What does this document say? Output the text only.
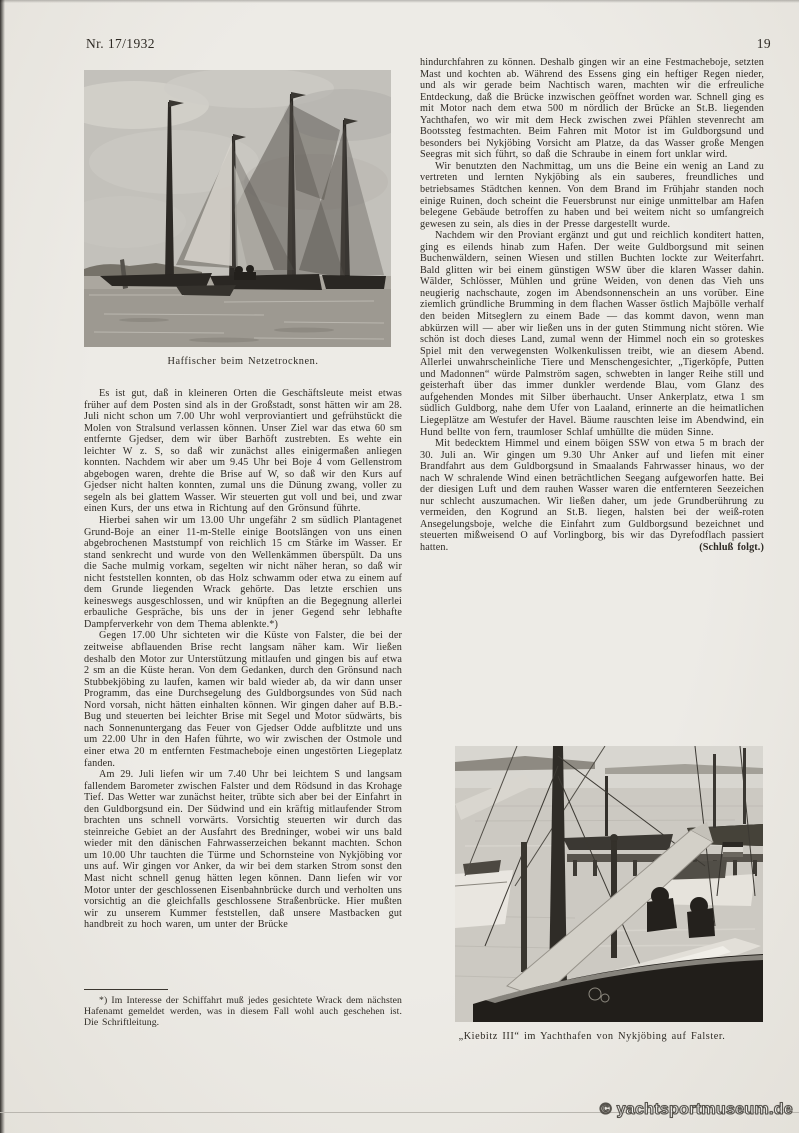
Nr. 17/1932	19
Haffischer beim Netzetrocknen.

Es ist gut, daß in kleineren Orten die Geschäftsleute meist etwas früher auf dem Posten sind als in der Großstadt, sonst hätten wir am 28. Juli nicht schon um 7.00 Uhr wohl verproviantiert und gefrühstückt die Molen von Stralsund verlassen können. Unser Ziel war das etwa 60 sm entfernte Gjedser, dem wir über Barhöft zustrebten. Es wehte ein leichter W z. S, so daß wir zunächst alles einigermaßen anliegen konnten. Nachdem wir aber um 9.45 Uhr bei Boje 4 vom Gellenstrom abgebogen waren, drehte die Brise auf W, so daß wir den Kurs auf Gjedser nicht halten konnten, zumal uns die Dünung zwang, voller zu segeln als bei glattem Wasser. Wir steuerten gut voll und bei, und zwar einen Kurs, der uns etwa in Richtung auf den Grönsund führte.

Hierbei sahen wir um 13.00 Uhr ungefähr 2 sm südlich Plantagenet Grund-Boje an einer 11-m-Stelle einige Bootslängen von uns einen abgebrochenen Maststumpf von reichlich 15 cm Stärke im Wasser. Er stand senkrecht und wurde von den Wellenkämmen überspült. Da uns die Sache mulmig vorkam, segelten wir nicht näher heran, so daß wir nicht feststellen konnten, ob das Holz schwamm oder etwa zu einem auf dem Grunde liegenden Wrack gehörte. Das letzte erschien uns keineswegs ausgeschlossen, und wir knüpften an die Begegnung allerlei erbauliche Gespräche, bis uns der in jener Gegend sehr lebhafte Dampferverkehr von dem Thema ablenkte.*)

Gegen 17.00 Uhr sichteten wir die Küste von Falster, die bei der zeitweise abflauenden Brise recht langsam näher kam. Wir ließen deshalb den Motor zur Unterstützung mitlaufen und gingen bis auf etwa 2 sm an die Küste heran. Von dem Gedanken, durch den Grönsund nach Stubbekjöbing zu laufen, kamen wir bald wieder ab, da wir dann unser Programm, das eine Durchsegelung des Guldborgsundes von Süd nach Nord vorsah, nicht hätten einhalten können. Wir gingen daher auf B.B.-Bug und steuerten bei leichter Brise mit Segel und Motor südwärts, bis nach Sonnenuntergang das Feuer von Gjedser Odde aufblitzte und uns um 22.00 Uhr in den Hafen führte, wo wir zwischen der Ostmole und einer etwa 20 m entfernten Festmacheboje einen ungestörten Liegeplatz fanden.

Am 29. Juli liefen wir um 7.40 Uhr bei leichtem S und langsam fallendem Barometer zwischen Falster und dem Rödsund in das Krohage Tief. Das Wetter war zunächst heiter, trübte sich aber bei der Einfahrt in den Guldborgsund ein. Der Südwind und ein kräftig mitlaufender Strom brachten uns schnell vorwärts. Vorsichtig steuerten wir durch das steinreiche Gebiet an der Ausfahrt des Bredninger, wobei wir uns bald wieder mit den dänischen Fahrwasserzeichen bekannt machten. Schon um 10.00 Uhr tauchten die Türme und Schornsteine von Nykjöbing vor uns auf. Wir gingen vor Anker, da wir bei dem starken Strom sonst den Mast nicht schnell genug hätten legen können. Dann liefen wir vor Motor unter der geschlossenen Eisenbahnbrücke durch und verholten uns vorsichtig an die gleichfalls geschlossene Straßenbrücke. Hier mußten wir zu unserem Kummer feststellen, daß unsere Mastbacken gut handbreit zu hoch waren, um unter der Brücke

*) Im Interesse der Schiffahrt muß jedes gesichtete Wrack dem nächsten Hafenamt gemeldet werden, was in diesem Fall wohl auch geschehen ist. Die Schriftleitung.

hindurchfahren zu können. Deshalb gingen wir an eine Festmacheboje, setzten Mast und kochten ab. Während des Essens ging ein heftiger Regen nieder, und als wir gerade beim Nachtisch waren, machten wir die erfreuliche Entdeckung, daß die Brücke inzwischen geöffnet worden war. Schnell ging es mit Motor nach dem etwa 500 m nördlich der Brücke an St.B. liegenden Yachthafen, wo wir mit dem Heck zwischen zwei Pfählen stevenrecht am Bootssteg festmachten. Beim Fahren mit Motor ist im Guldborgsund und besonders bei Nykjöbing Vorsicht am Platze, da das Wasser große Mengen Seegras mit sich führt, so daß die Schraube in einem fort unklar wird.

Wir benutzten den Nachmittag, um uns die Beine ein wenig an Land zu vertreten und lernten Nykjöbing als ein sauberes, freundliches und betriebsames Städtchen kennen. Von dem Brand im Frühjahr standen noch einige Ruinen, doch scheint die Feuersbrunst nur einige unmittelbar am Hafen belegene Gebäude betroffen zu haben und bei weitem nicht so umfangreich gewesen zu sein, als dies in der Presse dargestellt wurde.

Nachdem wir den Proviant ergänzt und gut und reichlich konditert hatten, ging es eilends hinab zum Hafen. Der weite Guldborgsund mit seinen Buchenwäldern, seinen Wiesen und stillen Buchten lockte zur Weiterfahrt. Bald glitten wir bei einem günstigen WSW über die klaren Wasser dahin. Wälder, Schlösser, Mühlen und grüne Weiden, von denen das Vieh uns neugierig nachschaute, zogen im Abendsonnenschein an uns vorüber. Eine ziemlich gründliche Brumming in dem flachen Wasser östlich Majbölle verhalf den beiden Mitseglern zu einem Bade — das kommt davon, wenn man abkürzen will — aber wir ließen uns in der guten Stimmung nicht stören. Wie schön ist doch dieses Land, zumal wenn der Himmel noch ein so groteskes Spiel mit den verwegensten Wolkenkulissen treibt, wie an diesem Abend. Allerlei unwahrscheinliche Tiere und Menschengesichter, „Tigerköpfe, Putten und Madonnen“ würde Palmström sagen, schwebten in langer Reihe still und geisterhaft über das immer dunkler werdende Blau, vom Glanz des aufgehenden Mondes mit Silber überhaucht. Unser Ankerplatz, etwa 1 sm südlich Guldborg, nahe dem Ufer von Laaland, erinnerte an die heimatlichen Liegeplätze am Westufer der Havel. Bäume rauschten leise im Abendwind, ein Hund bellte von fern, traumloser Schlaf umhüllte die müden Sinne.

Mit bedecktem Himmel und einem böigen SSW von etwa 5 m brach der 30. Juli an. Wir gingen um 9.30 Uhr Anker auf und liefen mit einer Brandfahrt aus dem Guldborgsund in Smaalands Fahrwasser hinaus, wo der nach W schralende Wind einen beträchtlichen Seegang aufgeworfen hatte. Bei der diesigen Luft und dem rauhen Wasser waren die entfernteren Seezeichen nur schlecht auszumachen. Wir ließen daher, um jede Grundberührung zu vermeiden, den Kogrund an St.B. liegen, halsten bei der weiß-roten Ansegelungsboje, welche die Einfahrt zum Guldborgsund bezeichnet und steuerten mißweisend O auf Vorlingborg, bis wir das Dyrefodflach passiert hatten.	(Schluß folgt.)

„Kiebitz III“ im Yachthafen von Nykjöbing auf Falster.
© yachtsportmuseum.de
